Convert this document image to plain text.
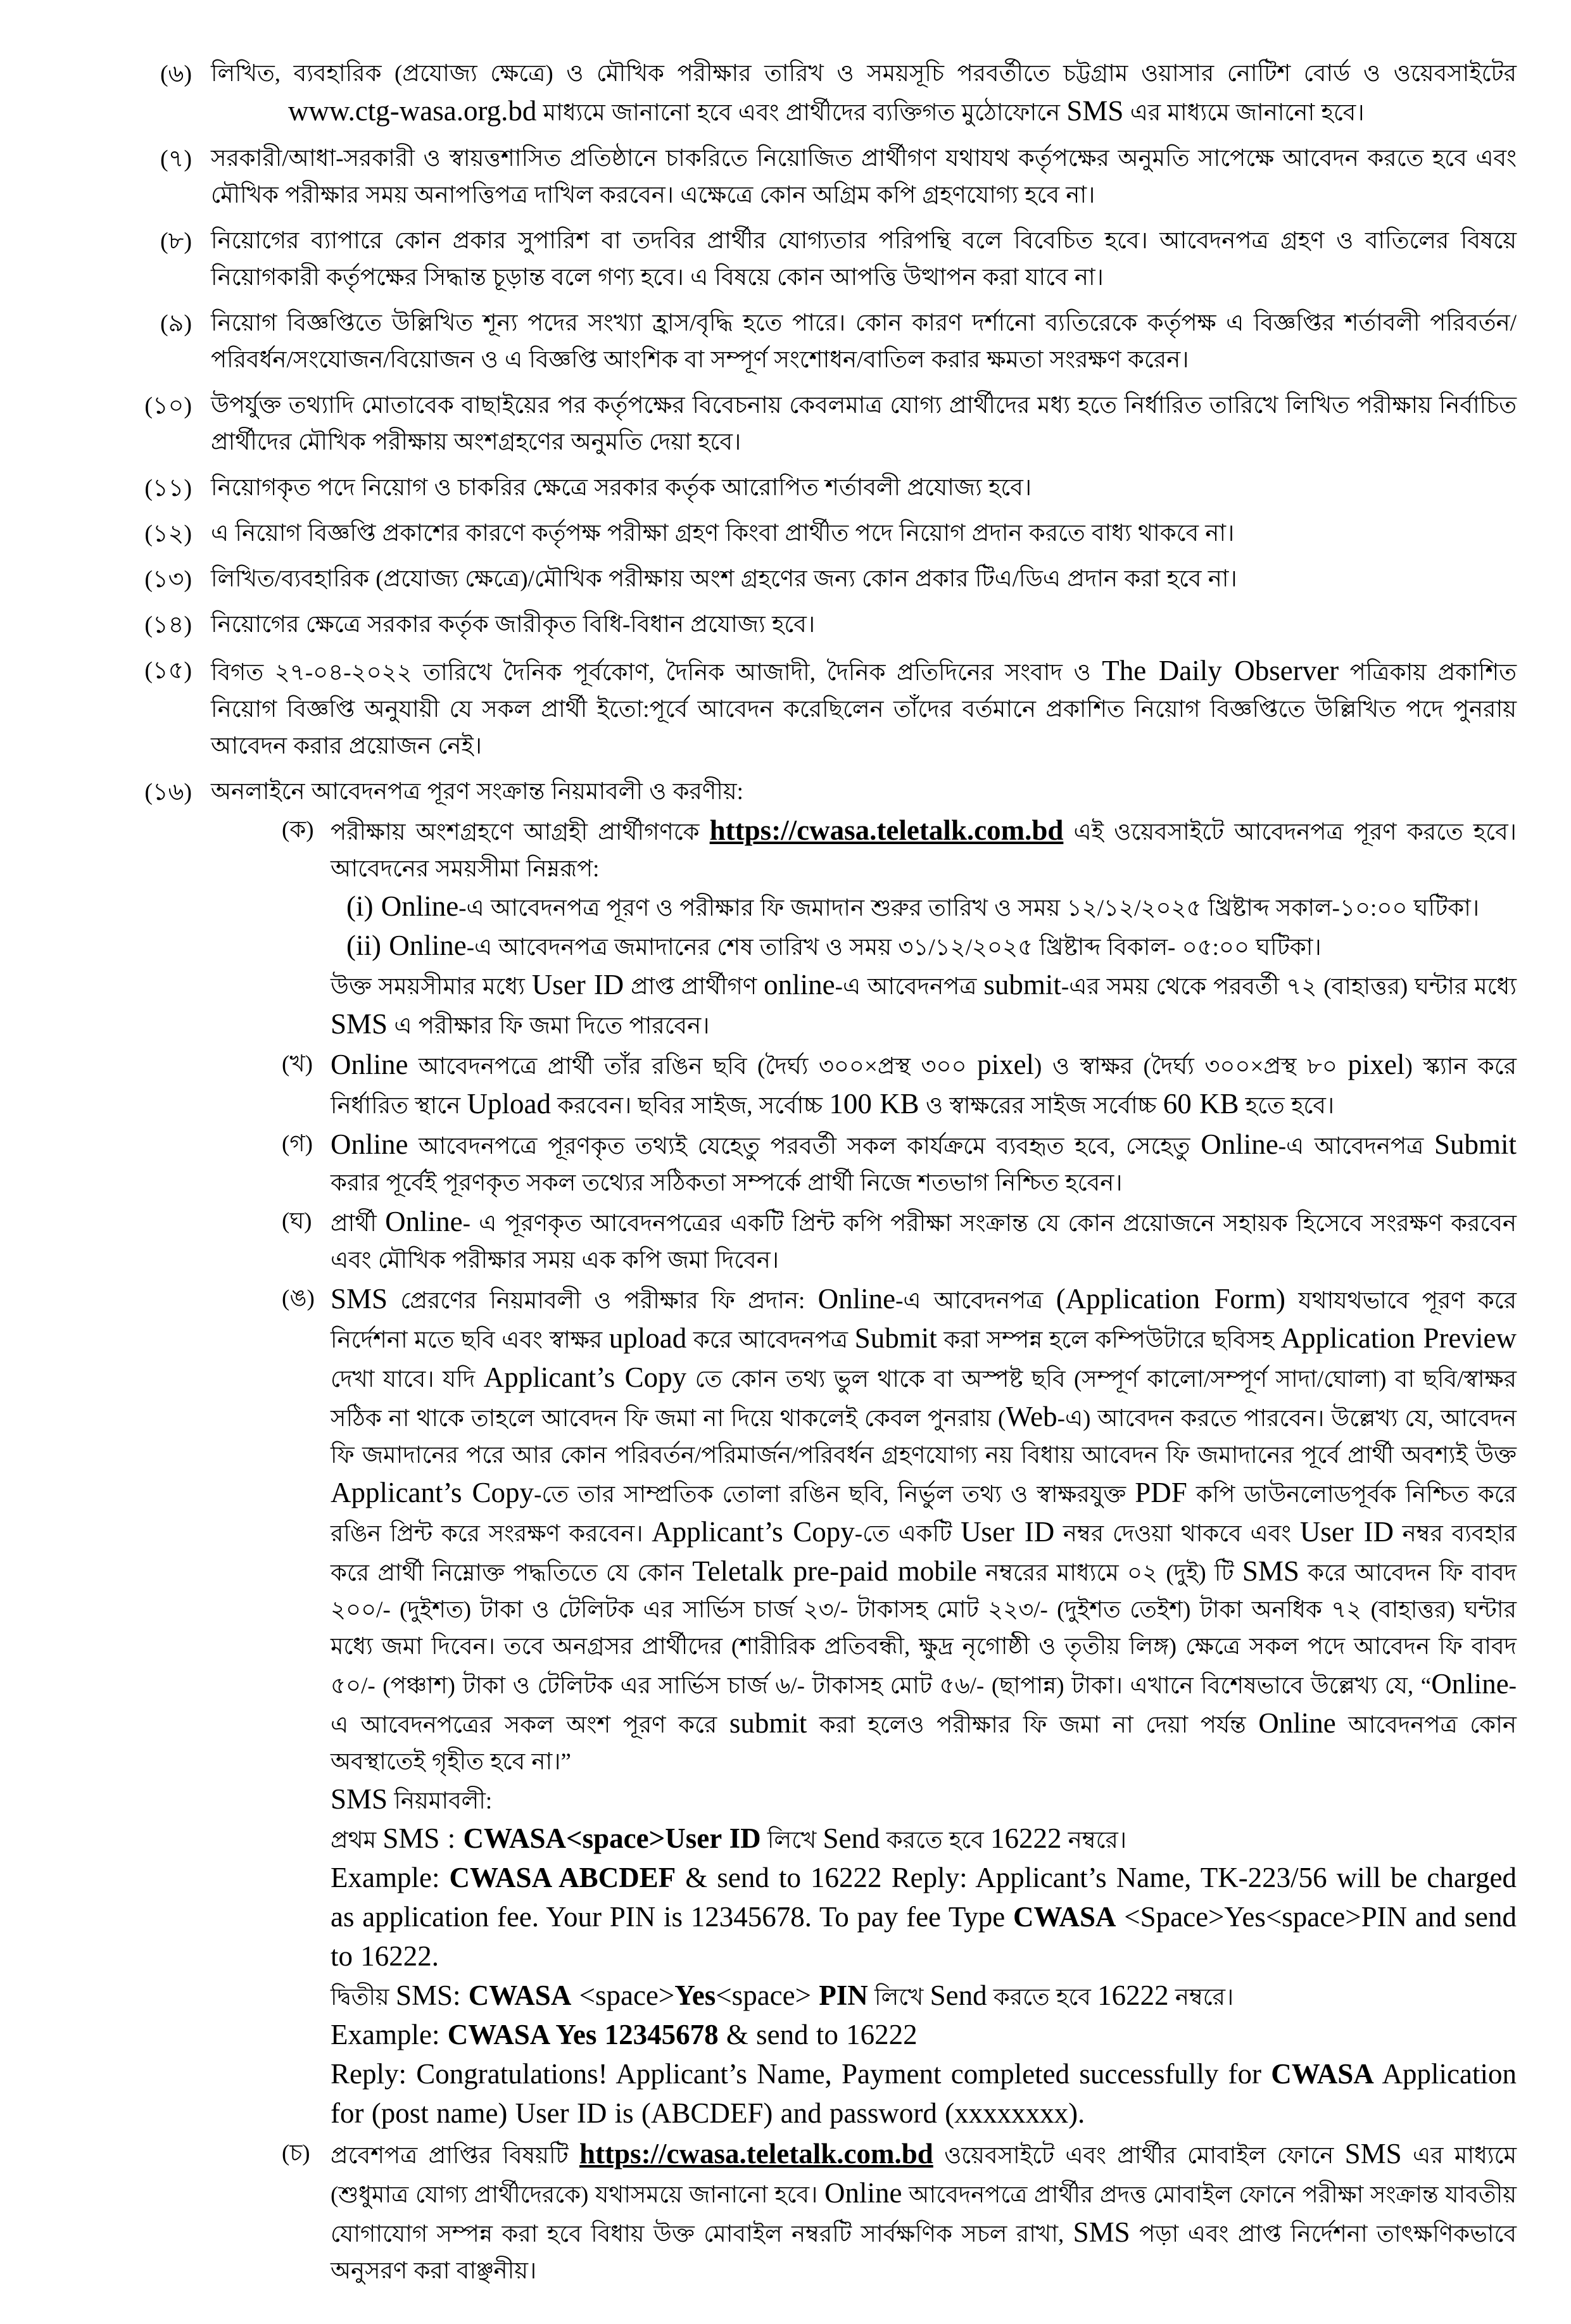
(৬) লিখিত, ব্যবহারিক (প্রযোজ্য ক্ষেত্রে) ও মৌখিক পরীক্ষার তারিখ ও সময়সূচি পরবর্তীতে চট্টগ্রাম ওয়াসার নোটিশ বোর্ড ও ওয়েবসাইটের

www.ctg-wasa.org.bd মাধ্যমে জানানো হবে এবং প্রার্থীদের ব্যক্তিগত মুঠোফোনে SMS এর মাধ্যমে জানানো হবে।

(৭) সরকারী/আধা-সরকারী ও স্বায়ত্তশাসিত প্রতিষ্ঠানে চাকরিতে নিয়োজিত প্রার্থীগণ যথাযথ কর্তৃপক্ষের অনুমতি সাপেক্ষে আবেদন করতে হবে এবং মৌখিক পরীক্ষার সময় অনাপত্তিপত্র দাখিল করবেন। এক্ষেত্রে কোন অগ্রিম কপি গ্রহণযোগ্য হবে না।

(৮) নিয়োগের ব্যাপারে কোন প্রকার সুপারিশ বা তদবির প্রার্থীর যোগ্যতার পরিপন্থি বলে বিবেচিত হবে। আবেদনপত্র গ্রহণ ও বাতিলের বিষয়ে নিয়োগকারী কর্তৃপক্ষের সিদ্ধান্ত চূড়ান্ত বলে গণ্য হবে। এ বিষয়ে কোন আপত্তি উত্থাপন করা যাবে না।

(৯) নিয়োগ বিজ্ঞপ্তিতে উল্লিখিত শূন্য পদের সংখ্যা হ্রাস/বৃদ্ধি হতে পারে। কোন কারণ দর্শানো ব্যতিরেকে কর্তৃপক্ষ এ বিজ্ঞপ্তির শর্তাবলী পরিবর্তন/পরিবর্ধন/সংযোজন/বিয়োজন ও এ বিজ্ঞপ্তি আংশিক বা সম্পূর্ণ সংশোধন/বাতিল করার ক্ষমতা সংরক্ষণ করেন।

(১০) উপর্যুক্ত তথ্যাদি মোতাবেক বাছাইয়ের পর কর্তৃপক্ষের বিবেচনায় কেবলমাত্র যোগ্য প্রার্থীদের মধ্য হতে নির্ধারিত তারিখে লিখিত পরীক্ষায় নির্বাচিত প্রার্থীদের মৌখিক পরীক্ষায় অংশগ্রহণের অনুমতি দেয়া হবে।

(১১) নিয়োগকৃত পদে নিয়োগ ও চাকরির ক্ষেত্রে সরকার কর্তৃক আরোপিত শর্তাবলী প্রযোজ্য হবে।

(১২) এ নিয়োগ বিজ্ঞপ্তি প্রকাশের কারণে কর্তৃপক্ষ পরীক্ষা গ্রহণ কিংবা প্রার্থীত পদে নিয়োগ প্রদান করতে বাধ্য থাকবে না।

(১৩) লিখিত/ব্যবহারিক (প্রযোজ্য ক্ষেত্রে)/মৌখিক পরীক্ষায় অংশ গ্রহণের জন্য কোন প্রকার টিএ/ডিএ প্রদান করা হবে না।

(১৪) নিয়োগের ক্ষেত্রে সরকার কর্তৃক জারীকৃত বিধি-বিধান প্রযোজ্য হবে।

(১৫) বিগত ২৭-০৪-২০২২ তারিখে দৈনিক পূর্বকোণ, দৈনিক আজাদী, দৈনিক প্রতিদিনের সংবাদ ও The Daily Observer পত্রিকায় প্রকাশিত নিয়োগ বিজ্ঞপ্তি অনুযায়ী যে সকল প্রার্থী ইতো:পূর্বে আবেদন করেছিলেন তাঁদের বর্তমানে প্রকাশিত নিয়োগ বিজ্ঞপ্তিতে উল্লিখিত পদে পুনরায় আবেদন করার প্রয়োজন নেই।

(১৬) অনলাইনে আবেদনপত্র পূরণ সংক্রান্ত নিয়মাবলী ও করণীয়:

(ক) পরীক্ষায় অংশগ্রহণে আগ্রহী প্রার্থীগণকে https://cwasa.teletalk.com.bd এই ওয়েবসাইটে আবেদনপত্র পূরণ করতে হবে। আবেদনের সময়সীমা নিম্নরূপ:

(i) Online-এ আবেদনপত্র পূরণ ও পরীক্ষার ফি জমাদান শুরুর তারিখ ও সময় ১২/১২/২০২৫ খ্রিষ্টাব্দ সকাল-১০:০০ ঘটিকা।

(ii) Online-এ আবেদনপত্র জমাদানের শেষ তারিখ ও সময় ৩১/১২/২০২৫ খ্রিষ্টাব্দ বিকাল- ০৫:০০ ঘটিকা।

উক্ত সময়সীমার মধ্যে User ID প্রাপ্ত প্রার্থীগণ online-এ আবেদনপত্র submit-এর সময় থেকে পরবর্তী ৭২ (বাহাত্তর) ঘন্টার মধ্যে SMS এ পরীক্ষার ফি জমা দিতে পারবেন।

(খ) Online আবেদনপত্রে প্রার্থী তাঁর রঙিন ছবি (দৈর্ঘ্য ৩০০×প্রস্থ ৩০০ pixel) ও স্বাক্ষর (দৈর্ঘ্য ৩০০×প্রস্থ ৮০ pixel) স্ক্যান করে নির্ধারিত স্থানে Upload করবেন। ছবির সাইজ, সর্বোচ্চ 100 KB ও স্বাক্ষরের সাইজ সর্বোচ্চ 60 KB হতে হবে।

(গ) Online আবেদনপত্রে পূরণকৃত তথ্যই যেহেতু পরবর্তী সকল কার্যক্রমে ব্যবহৃত হবে, সেহেতু Online-এ আবেদনপত্র Submit করার পূর্বেই পূরণকৃত সকল তথ্যের সঠিকতা সম্পর্কে প্রার্থী নিজে শতভাগ নিশ্চিত হবেন।

(ঘ) প্রার্থী Online- এ পূরণকৃত আবেদনপত্রের একটি প্রিন্ট কপি পরীক্ষা সংক্রান্ত যে কোন প্রয়োজনে সহায়ক হিসেবে সংরক্ষণ করবেন এবং মৌখিক পরীক্ষার সময় এক কপি জমা দিবেন।

(ঙ) SMS প্রেরণের নিয়মাবলী ও পরীক্ষার ফি প্রদান: Online-এ আবেদনপত্র (Application Form) যথাযথভাবে পূরণ করে নির্দেশনা মতে ছবি এবং স্বাক্ষর upload করে আবেদনপত্র Submit করা সম্পন্ন হলে কম্পিউটারে ছবিসহ Application Preview দেখা যাবে। যদি Applicant’s Copy তে কোন তথ্য ভুল থাকে বা অস্পষ্ট ছবি (সম্পূর্ণ কালো/সম্পূর্ণ সাদা/ঘোলা) বা ছবি/স্বাক্ষর সঠিক না থাকে তাহলে আবেদন ফি জমা না দিয়ে থাকলেই কেবল পুনরায় (Web-এ) আবেদন করতে পারবেন। উল্লেখ্য যে, আবেদন ফি জমাদানের পরে আর কোন পরিবর্তন/পরিমার্জন/পরিবর্ধন গ্রহণযোগ্য নয় বিধায় আবেদন ফি জমাদানের পূর্বে প্রার্থী অবশ্যই উক্ত Applicant’s Copy-তে তার সাম্প্রতিক তোলা রঙিন ছবি, নির্ভুল তথ্য ও স্বাক্ষরযুক্ত PDF কপি ডাউনলোডপূর্বক নিশ্চিত করে রঙিন প্রিন্ট করে সংরক্ষণ করবেন। Applicant’s Copy-তে একটি User ID নম্বর দেওয়া থাকবে এবং User ID নম্বর ব্যবহার করে প্রার্থী নিম্নোক্ত পদ্ধতিতে যে কোন Teletalk pre-paid mobile নম্বরের মাধ্যমে ০২ (দুই) টি SMS করে আবেদন ফি বাবদ ২০০/- (দুইশত) টাকা ও টেলিটক এর সার্ভিস চার্জ ২৩/- টাকাসহ মোট ২২৩/- (দুইশত তেইশ) টাকা অনধিক ৭২ (বাহাত্তর) ঘন্টার মধ্যে জমা দিবেন। তবে অনগ্রসর প্রার্থীদের (শারীরিক প্রতিবন্ধী, ক্ষুদ্র নৃগোষ্ঠী ও তৃতীয় লিঙ্গ) ক্ষেত্রে সকল পদে আবেদন ফি বাবদ ৫০/- (পঞ্চাশ) টাকা ও টেলিটক এর সার্ভিস চার্জ ৬/- টাকাসহ মোট ৫৬/- (ছাপান্ন) টাকা। এখানে বিশেষভাবে উল্লেখ্য যে, “Online-এ আবেদনপত্রের সকল অংশ পূরণ করে submit করা হলেও পরীক্ষার ফি জমা না দেয়া পর্যন্ত Online আবেদনপত্র কোন অবস্থাতেই গৃহীত হবে না।”

SMS নিয়মাবলী:

প্রথম SMS : CWASA<space>User ID লিখে Send করতে হবে 16222 নম্বরে।

Example: CWASA ABCDEF & send to 16222 Reply: Applicant’s Name, TK-223/56 will be charged as application fee. Your PIN is 12345678. To pay fee Type CWASA <Space>Yes<space>PIN and send to 16222.

দ্বিতীয় SMS: CWASA <space>Yes<space> PIN লিখে Send করতে হবে 16222 নম্বরে।

Example: CWASA Yes 12345678 & send to 16222

Reply: Congratulations! Applicant’s Name, Payment completed successfully for CWASA Application for (post name) User ID is (ABCDEF) and password (xxxxxxxx).

(চ) প্রবেশপত্র প্রাপ্তির বিষয়টি https://cwasa.teletalk.com.bd ওয়েবসাইটে এবং প্রার্থীর মোবাইল ফোনে SMS এর মাধ্যমে (শুধুমাত্র যোগ্য প্রার্থীদেরকে) যথাসময়ে জানানো হবে। Online আবেদনপত্রে প্রার্থীর প্রদত্ত মোবাইল ফোনে পরীক্ষা সংক্রান্ত যাবতীয় যোগাযোগ সম্পন্ন করা হবে বিধায় উক্ত মোবাইল নম্বরটি সার্বক্ষণিক সচল রাখা, SMS পড়া এবং প্রাপ্ত নির্দেশনা তাৎক্ষণিকভাবে অনুসরণ করা বাঞ্ছনীয়।
